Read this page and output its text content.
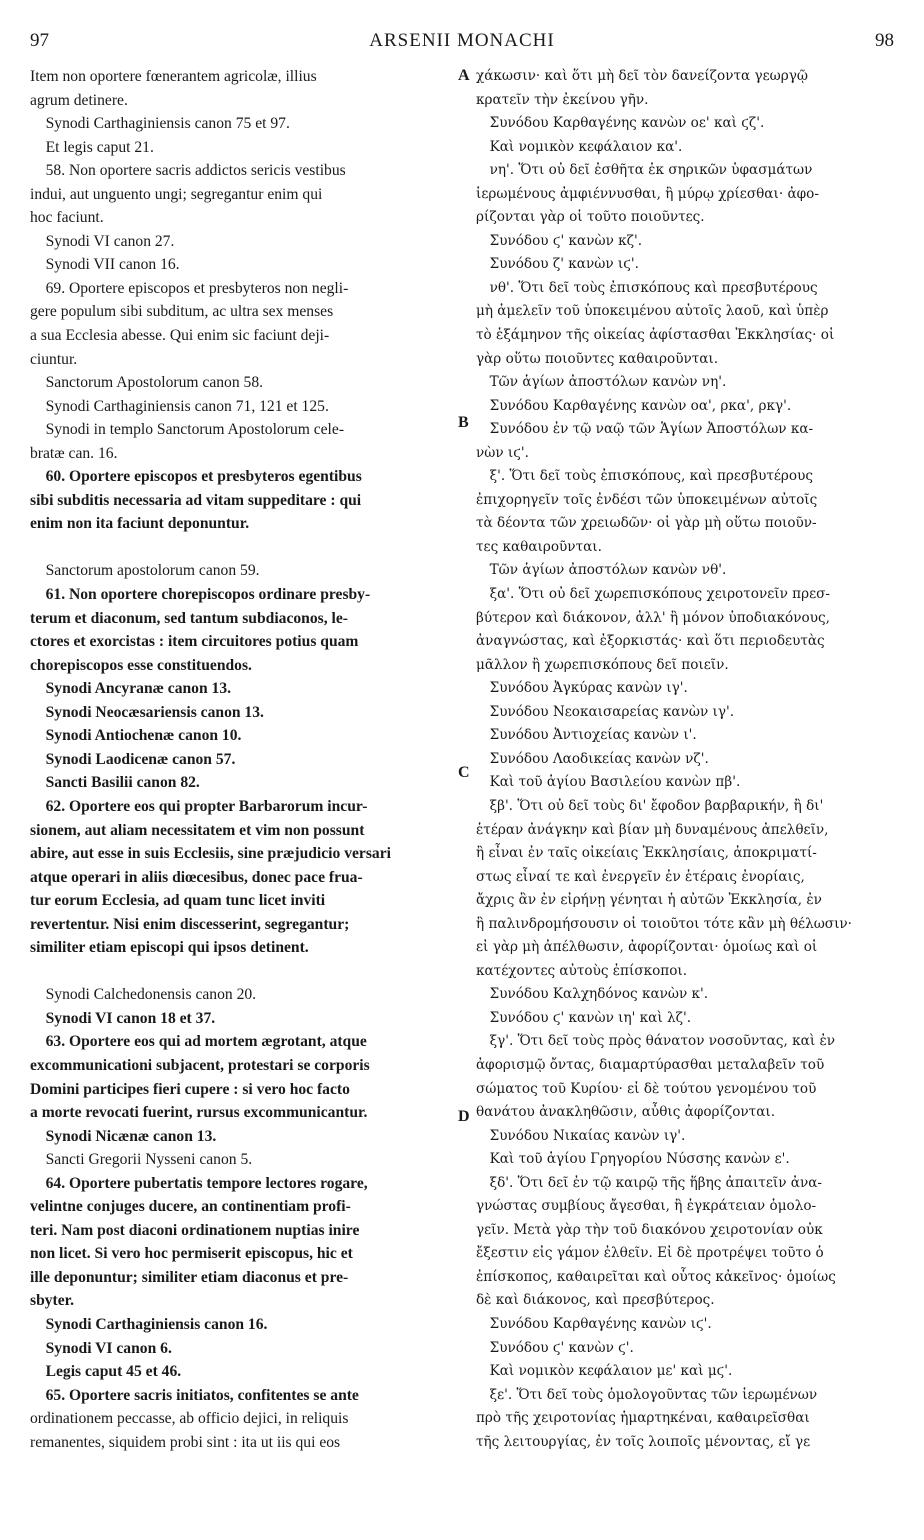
97	ARSENII MONACHI	98
Item non oportere fœnerantem agricolæ, illius
agrum detinere.
 Synodi Carthaginiensis canon 75 et 97.
 Et legis caput 21.
 58. Non oportere sacris addictos sericis vestibus
indui, aut unguento ungi; segregantur enim qui
hoc faciunt.
 Synodi VI canon 27.
 Synodi VII canon 16.
 69. Oportere episcopos et presbyteros non negli-
gere populum sibi subditum, ac ultra sex menses
a sua Ecclesia abesse. Qui enim sic faciunt deji-
ciuntur.
 Sanctorum Apostolorum canon 58.
 Synodi Carthaginiensis canon 71, 121 et 125.
 Synodi in templo Sanctorum Apostolorum cele-
bratæ can. 16.
 60. Oportere episcopos et presbyteros egentibus
sibi subditis necessaria ad vitam suppeditare : qui
enim non ita faciunt deponuntur.
 Sanctorum apostolorum canon 59.
 61. Non oportere chorepiscopos ordinare presby-
terum et diaconum, sed tantum subdiaconos, le-
ctores et exorcistas : item circuitores potius quam
chorepiscopos esse constituendos.
 Synodi Ancyranæ canon 13.
 Synodi Neocæsariensis canon 13.
 Synodi Antiochenæ canon 10.
 Synodi Laodicenæ canon 57.
 Sancti Basilii canon 82.
 62. Oportere eos qui propter Barbarorum incur-
sionem, aut aliam necessitatem et vim non possunt
abire, aut esse in suis Ecclesiis, sine præjudicio versari
atque operari in aliis diœcesibus, donec pace frua-
tur eorum Ecclesia, ad quam tunc licet inviti
revertentur. Nisi enim discesserint, segregantur;
similiter etiam episcopi qui ipsos detinent.
 Synodi Calchedonensis canon 20.
 Synodi VI canon 18 et 37.
 63. Oportere eos qui ad mortem ægrotant, atque
excommunicationi subjacent, protestari se corporis
Domini participes fieri cupere : si vero hoc facto
a morte revocati fuerint, rursus excommunicantur.
 Synodi Nicænæ canon 13.
 Sancti Gregorii Nysseni canon 5.
 64. Oportere pubertatis tempore lectores rogare,
velintne conjuges ducere, an continentiam profi-
teri. Nam post diaconi ordinationem nuptias inire
non licet. Si vero hoc permiserit episcopus, hic et
ille deponuntur; similiter etiam diaconus et pre-
sbyter.
 Synodi Carthaginiensis canon 16.
 Synodi VI canon 6.
 Legis caput 45 et 46.
 65. Oportere sacris initiatos, confitentes se ante
ordinationem peccasse, ab officio dejici, in reliquis
remanentes, siquidem probi sint : ita ut iis qui eos
χάκωσιν· καὶ ὅτι μὴ δεῖ τὸν δανείζοντα γεωργῷ
κρατεῖν τὴν ἐκείνου γῆν.
 Συνόδου Καρθαγένης κανὼν οε' καὶ ϛζ'.
 Καὶ νομικὸν κεφάλαιον κα'.
 νη'. Ὅτι οὐ δεῖ ἐσθῆτα ἐκ σηρικῶν ὑφασμάτων
ἱερωμένους ἀμφιέννυσθαι, ἢ μύρῳ χρίεσθαι· ἀφο-
ρίζονται γὰρ οἱ τοῦτο ποιοῦντες.
 Συνόδου ϛ' κανὼν κζ'.
 Συνόδου ζ' κανὼν ιϛ'.
 νθ'. Ὅτι δεῖ τοὺς ἐπισκόπους καὶ πρεσβυτέρους
μὴ ἀμελεῖν τοῦ ὑποκειμένου αὐτοῖς λαοῦ, καὶ ὑπὲρ
τὸ ἑξάμηνον τῆς οἰκείας ἀφίστασθαι Ἐκκλησίας· οἱ
γὰρ οὕτω ποιοῦντες καθαιροῦνται.
 Τῶν ἁγίων ἀποστόλων κανὼν νη'.
 Συνόδου Καρθαγένης κανὼν οα', ρκα', ρκγ'.
 Συνόδου ἐν τῷ ναῷ τῶν Ἁγίων Ἀποστόλων κα-
νὼν ιϛ'.
 ξ'. Ὅτι δεῖ τοὺς ἐπισκόπους, καὶ πρεσβυτέρους
ἐπιχορηγεῖν τοῖς ἐνδέσι τῶν ὑποκειμένων αὐτοῖς
τὰ δέοντα τῶν χρειωδῶν· οἱ γὰρ μὴ οὕτω ποιοῦν-
τες καθαιροῦνται.
 Τῶν ἁγίων ἀποστόλων κανὼν νθ'.
 ξα'. Ὅτι οὐ δεῖ χωρεπισκόπους χειροτονεῖν πρεσ-
βύτερον καὶ διάκονον, ἀλλ' ἢ μόνον ὑποδιακόνους,
ἀναγνώστας, καὶ ἐξορκιστάς· καὶ ὅτι περιοδευτὰς
μᾶλλον ἢ χωρεπισκόπους δεῖ ποιεῖν.
 Συνόδου Ἀγκύρας κανὼν ιγ'.
 Συνόδου Νεοκαισαρείας κανὼν ιγ'.
 Συνόδου Ἀντιοχείας κανὼν ι'.
 Συνόδου Λαοδικείας κανὼν νζ'.
 Καὶ τοῦ ἁγίου Βασιλείου κανὼν πβ'.
 ξβ'. Ὅτι οὐ δεῖ τοὺς δι' ἔφοδον βαρβαρικήν, ἢ δι'
ἑτέραν ἀνάγκην καὶ βίαν μὴ δυναμένους ἀπελθεῖν,
ἢ εἶναι ἐν ταῖς οἰκείαις Ἐκκλησίαις, ἀποκριματί-
στως εἶναί τε καὶ ἐνεργεῖν ἐν ἑτέραις ἐνορίαις,
ἄχρις ἂν ἐν εἰρήνῃ γένηται ἡ αὐτῶν Ἐκκλησία, ἐν
ἣ παλινδρομήσουσιν οἱ τοιοῦτοι τότε κἂν μὴ θέλωσιν·
εἰ γὰρ μὴ ἀπέλθωσιν, ἀφορίζονται· ὁμοίως καὶ οἱ
κατέχοντες αὐτοὺς ἐπίσκοποι.
 Συνόδου Καλχηδόνος κανὼν κ'.
 Συνόδου ϛ' κανὼν ιη' καὶ λζ'.
 ξγ'. Ὅτι δεῖ τοὺς πρὸς θάνατον νοσοῦντας, καὶ ἐν
ἀφορισμῷ ὄντας, διαμαρτύρασθαι μεταλαβεῖν τοῦ
σώματος τοῦ Κυρίου· εἰ δὲ τούτου γενομένου τοῦ
θανάτου ἀνακληθῶσιν, αὖθις ἀφορίζονται.
 Συνόδου Νικαίας κανὼν ιγ'.
 Καὶ τοῦ ἁγίου Γρηγορίου Νύσσης κανὼν ε'.
 ξδ'. Ὅτι δεῖ ἐν τῷ καιρῷ τῆς ἥβης ἀπαιτεῖν ἀνα-
γνώστας συμβίους ἄγεσθαι, ἢ ἐγκράτειαν ὁμολο-
γεῖν. Μετὰ γὰρ τὴν τοῦ διακόνου χειροτονίαν οὐκ
ἔξεστιν εἰς γάμον ἐλθεῖν. Εἰ δὲ προτρέψει τοῦτο ὁ
ἐπίσκοπος, καθαιρεῖται καὶ οὗτος κἀκεῖνος· ὁμοίως
δὲ καὶ διάκονος, καὶ πρεσβύτερος.
 Συνόδου Καρθαγένης κανὼν ιϛ'.
 Συνόδου ϛ' κανὼν ϛ'.
 Καὶ νομικὸν κεφάλαιον με' καὶ μϛ'.
 ξε'. Ὅτι δεῖ τοὺς ὁμολογοῦντας τῶν ἱερωμένων
πρὸ τῆς χειροτονίας ἡμαρτηκέναι, καθαιρεῖσθαι
τῆς λειτουργίας, ἐν τοῖς λοιποῖς μένοντας, εἴ γε
A
B
C
D
